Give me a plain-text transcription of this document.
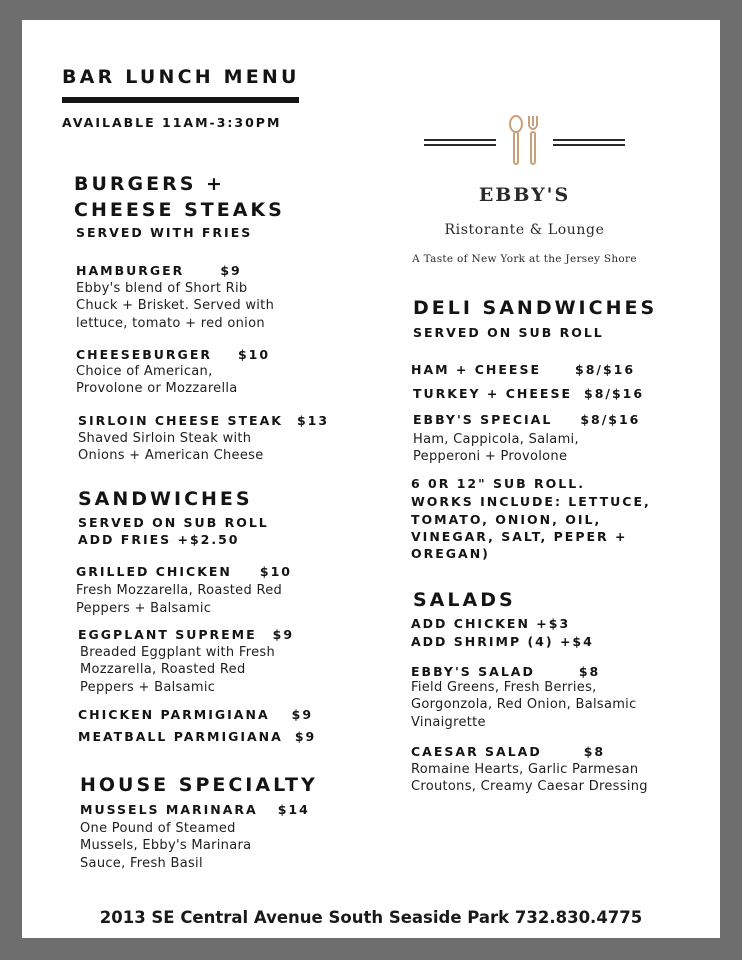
BAR LUNCH MENU
AVAILABLE 11AM-3:30PM
EBBY'S
Ristorante & Lounge
A Taste of New York at the Jersey Shore
BURGERS +
CHEESE STEAKS
SERVED WITH FRIES
HAMBURGER	$9
Ebby's blend of Short Rib
Chuck + Brisket. Served with
lettuce, tomato + red onion
CHEESEBURGER $10
Choice of American,
Provolone or Mozzarella
SIRLOIN CHEESE STEAK $13
Shaved Sirloin Steak with
Onions + American Cheese
SANDWICHES
SERVED ON SUB ROLL
ADD FRIES +$2.50
GRILLED CHICKEN $10
Fresh Mozzarella, Roasted Red
Peppers + Balsamic
EGGPLANT SUPREME $9
Breaded Eggplant with Fresh
Mozzarella, Roasted Red
Peppers + Balsamic
CHICKEN PARMIGIANA $9
MEATBALL PARMIGIANA $9
HOUSE SPECIALTY
MUSSELS MARINARA $14
One Pound of Steamed
Mussels, Ebby's Marinara
Sauce, Fresh Basil
DELI SANDWICHES
SERVED ON SUB ROLL
HAM + CHEESE	$8/$16
TURKEY + CHEESE $8/$16
EBBY'S SPECIAL $8/$16
Ham, Cappicola, Salami,
Pepperoni + Provolone
6 0R 12" SUB ROLL.
WORKS INCLUDE: LETTUCE,
TOMATO, ONION, OIL,
VINEGAR, SALT, PEPER +
OREGAN)
SALADS
ADD CHICKEN +$3
ADD SHRIMP (4) +$4
EBBY'S SALAD	$8
Field Greens, Fresh Berries,
Gorgonzola, Red Onion, Balsamic
Vinaigrette
CAESAR SALAD	$8
Romaine Hearts, Garlic Parmesan
Croutons, Creamy Caesar Dressing
2013 SE Central Avenue South Seaside Park 732.830.4775
